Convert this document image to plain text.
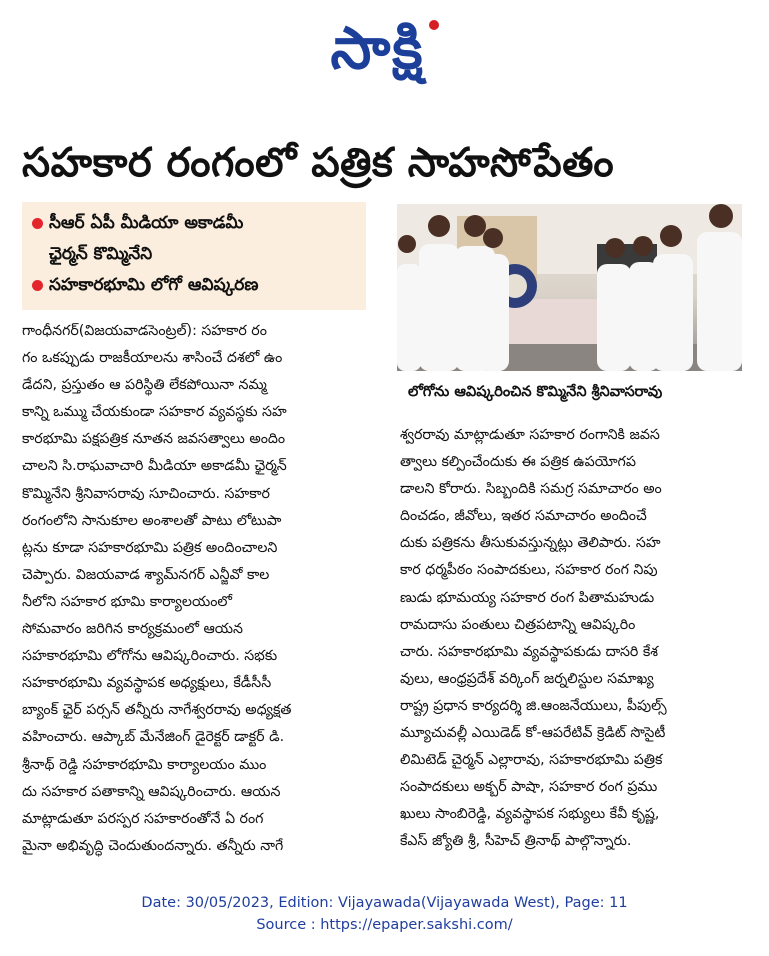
సాక్షి
సహకార రంగంలో పత్రిక సాహసోపేతం
సీఆర్ ఏపీ మీడియా అకాడమీ
ఛైర్మన్ కొమ్మినేని
సహకారభూమి లోగో ఆవిష్కరణ
లోగోను ఆవిష్కరించిన కొమ్మినేని శ్రీనివాసరావు
గాంధీనగర్(విజయవాడసెంట్రల్): సహకార రం
గం ఒకప్పుడు రాజకీయాలను శాసించే దశలో ఉం
డేదని, ప్రస్తుతం ఆ పరిస్థితి లేకపోయినా నమ్మ
కాన్ని ఒమ్ము చేయకుండా సహకార వ్యవస్థకు సహ
కారభూమి పక్షపత్రిక నూతన జవసత్వాలు అందిం
చాలని సి.రాఘవాచారి మీడియా అకాడమీ ఛైర్మన్
కొమ్మినేని శ్రీనివాసరావు సూచించారు. సహకార
రంగంలోని సానుకూల అంశాలతో పాటు లోటుపా
ట్లను కూడా సహకారభూమి పత్రిక అందించాలని
చెప్పారు. విజయవాడ శ్యామ్‌నగర్ ఎన్జీవో కాల
నీలోని సహకార భూమి కార్యాలయంలో
సోమవారం జరిగిన కార్యక్రమంలో ఆయన
సహకారభూమి లోగోను ఆవిష్కరించారు. సభకు
సహకారభూమి వ్యవస్థాపక అధ్యక్షులు, కేడీసీసీ
బ్యాంక్ ఛైర్ పర్సన్ తన్నీరు నాగేశ్వరరావు అధ్యక్షత
వహించారు. ఆప్కాబ్ మేనేజింగ్ డైరెక్టర్ డాక్టర్ డి.
శ్రీనాథ్ రెడ్డి సహకారభూమి కార్యాలయం ముం
దు సహకార పతాకాన్ని ఆవిష్కరించారు. ఆయన
మాట్లాడుతూ పరస్పర సహకారంతోనే ఏ రంగ
మైనా అభివృద్ధి చెందుతుందన్నారు. తన్నీరు నాగే
శ్వరరావు మాట్లాడుతూ సహకార రంగానికి జవస
త్వాలు కల్పించేందుకు ఈ పత్రిక ఉపయోగప
డాలని కోరారు. సిబ్బందికి సమగ్ర సమాచారం అం
దించడం, జీవోలు, ఇతర సమాచారం అందించే
దుకు పత్రికను తీసుకువస్తున్నట్లు తెలిపారు. సహ
కార ధర్మపీఠం సంపాదకులు, సహకార రంగ నిపు
ణుడు భూమయ్య సహకార రంగ పితామహుడు
రామదాసు పంతులు చిత్రపటాన్ని ఆవిష్కరిం
చారు. సహకారభూమి వ్యవస్థాపకుడు దాసరి కేశ
వులు, ఆంధ్రప్రదేశ్ వర్కింగ్ జర్నలిస్టుల సమాఖ్య
రాష్ట్ర ప్రధాన కార్యదర్శి జి.ఆంజనేయులు, పీపుల్స్
మ్యూచువల్లీ ఎయిడెడ్ కో-ఆపరేటివ్ క్రెడిట్ సొసైటీ
లిమిటెడ్ చైర్మన్ ఎల్లారావు, సహకారభూమి పత్రిక
సంపాదకులు అక్బర్ పాషా, సహకార రంగ ప్రము
ఖులు సాంబిరెడ్డి, వ్యవస్థాపక సభ్యులు కేవీ కృష్ణ,
కేఎస్ జ్యోతి శ్రీ, సీహెచ్ త్రినాథ్ పాల్గొన్నారు.
Date: 30/05/2023, Edition: Vijayawada(Vijayawada West), Page: 11
Source : https://epaper.sakshi.com/
